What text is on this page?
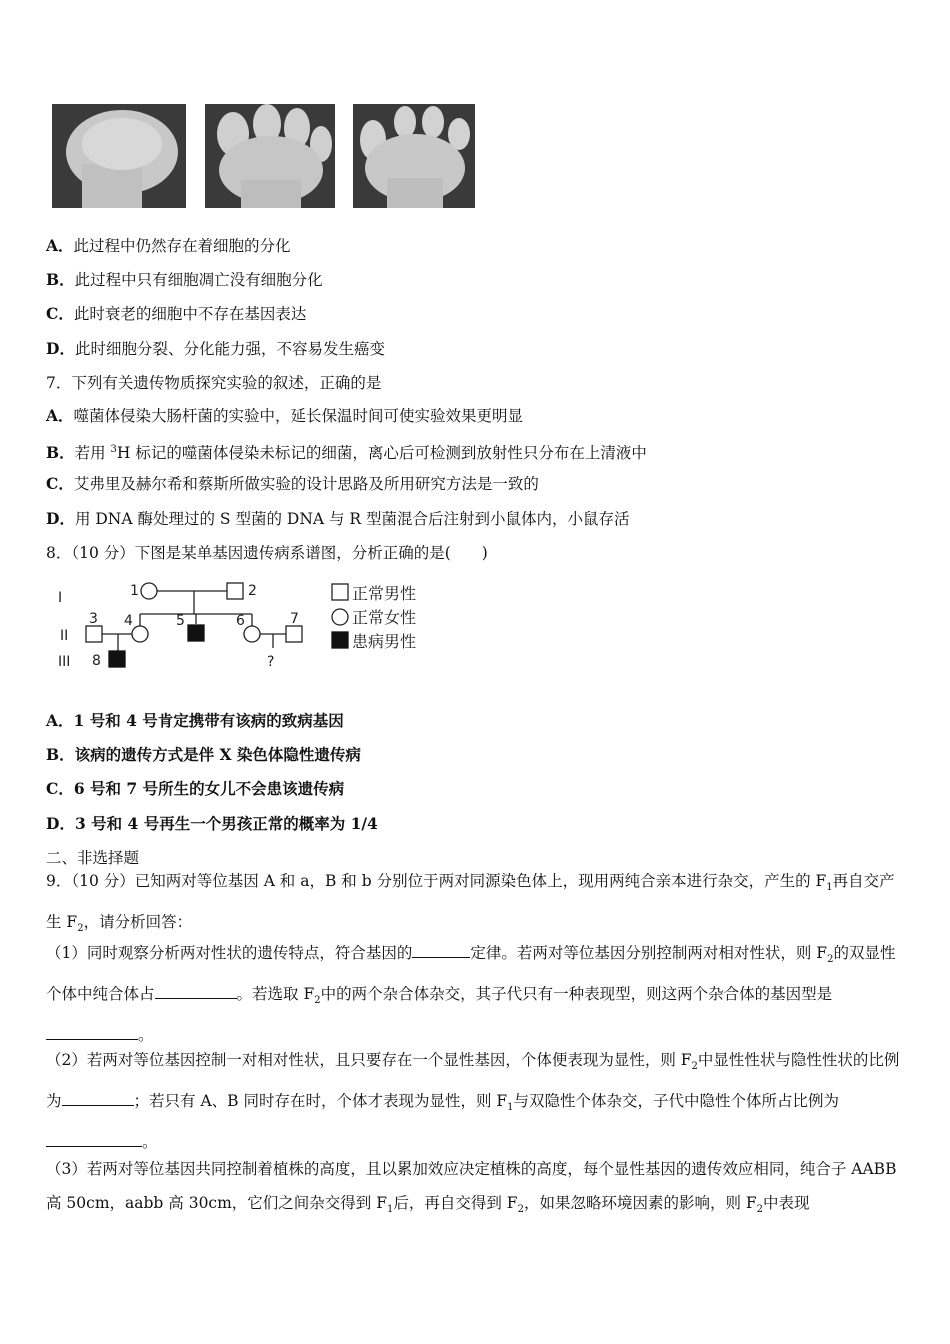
A．此过程中仍然存在着细胞的分化
B．此过程中只有细胞凋亡没有细胞分化
C．此时衰老的细胞中不存在基因表达
D．此时细胞分裂、分化能力强，不容易发生癌变
7．下列有关遗传物质探究实验的叙述，正确的是
A．噬菌体侵染大肠杆菌的实验中，延长保温时间可使实验效果更明显
B．若用 $^3$H 标记的噬菌体侵染未标记的细菌，离心后可检测到放射性只分布在上清液中
C．艾弗里及赫尔希和蔡斯所做实验的设计思路及所用研究方法是一致的
D．用 DNA 酶处理过的 S 型菌的 DNA 与 R 型菌混合后注射到小鼠体内，小鼠存活
8．（10 分）下图是某单基因遗传病系谱图，分析正确的是(　　)
I
II
III
1	2
3 4	5	6	7
8	?
正常男性
正常女性
患病男性
A．1 号和 4 号肯定携带有该病的致病基因
B．该病的遗传方式是伴 X 染色体隐性遗传病
C．6 号和 7 号所生的女儿不会患该遗传病
D．3 号和 4 号再生一个男孩正常的概率为 1/4
二、非选择题
9．（10 分）已知两对等位基因 A 和 a，B 和 b 分别位于两对同源染色体上，现用两纯合亲本进行杂交，产生的 $F_1$再自交产生 $F_2$，请分析回答：
（1）同时观察分析两对性状的遗传特点，符合基因的	定律。若两对等位基因分别控制两对相对性状，则 $F_2$的双显性个体中纯合体占	。若选取 $F_2$中的两个杂合体杂交，其子代只有一种表现型，则这两个杂合体的基因型是。
（2）若两对等位基因控制一对相对性状，且只要存在一个显性基因，个体便表现为显性，则 $F_2$中显性性状与隐性性状的比例为	；若只有 A、B 同时存在时，个体才表现为显性，则 $F_1$与双隐性个体杂交，子代中隐性个体所占比例为。
（3）若两对等位基因共同控制着植株的高度，且以累加效应决定植株的高度，每个显性基因的遗传效应相同，纯合子 AABB 高 50cm，aabb 高 30cm，它们之间杂交得到 $F_1$后，再自交得到 $F_2$，如果忽略环境因素的影响，则 $F_2$中表现
